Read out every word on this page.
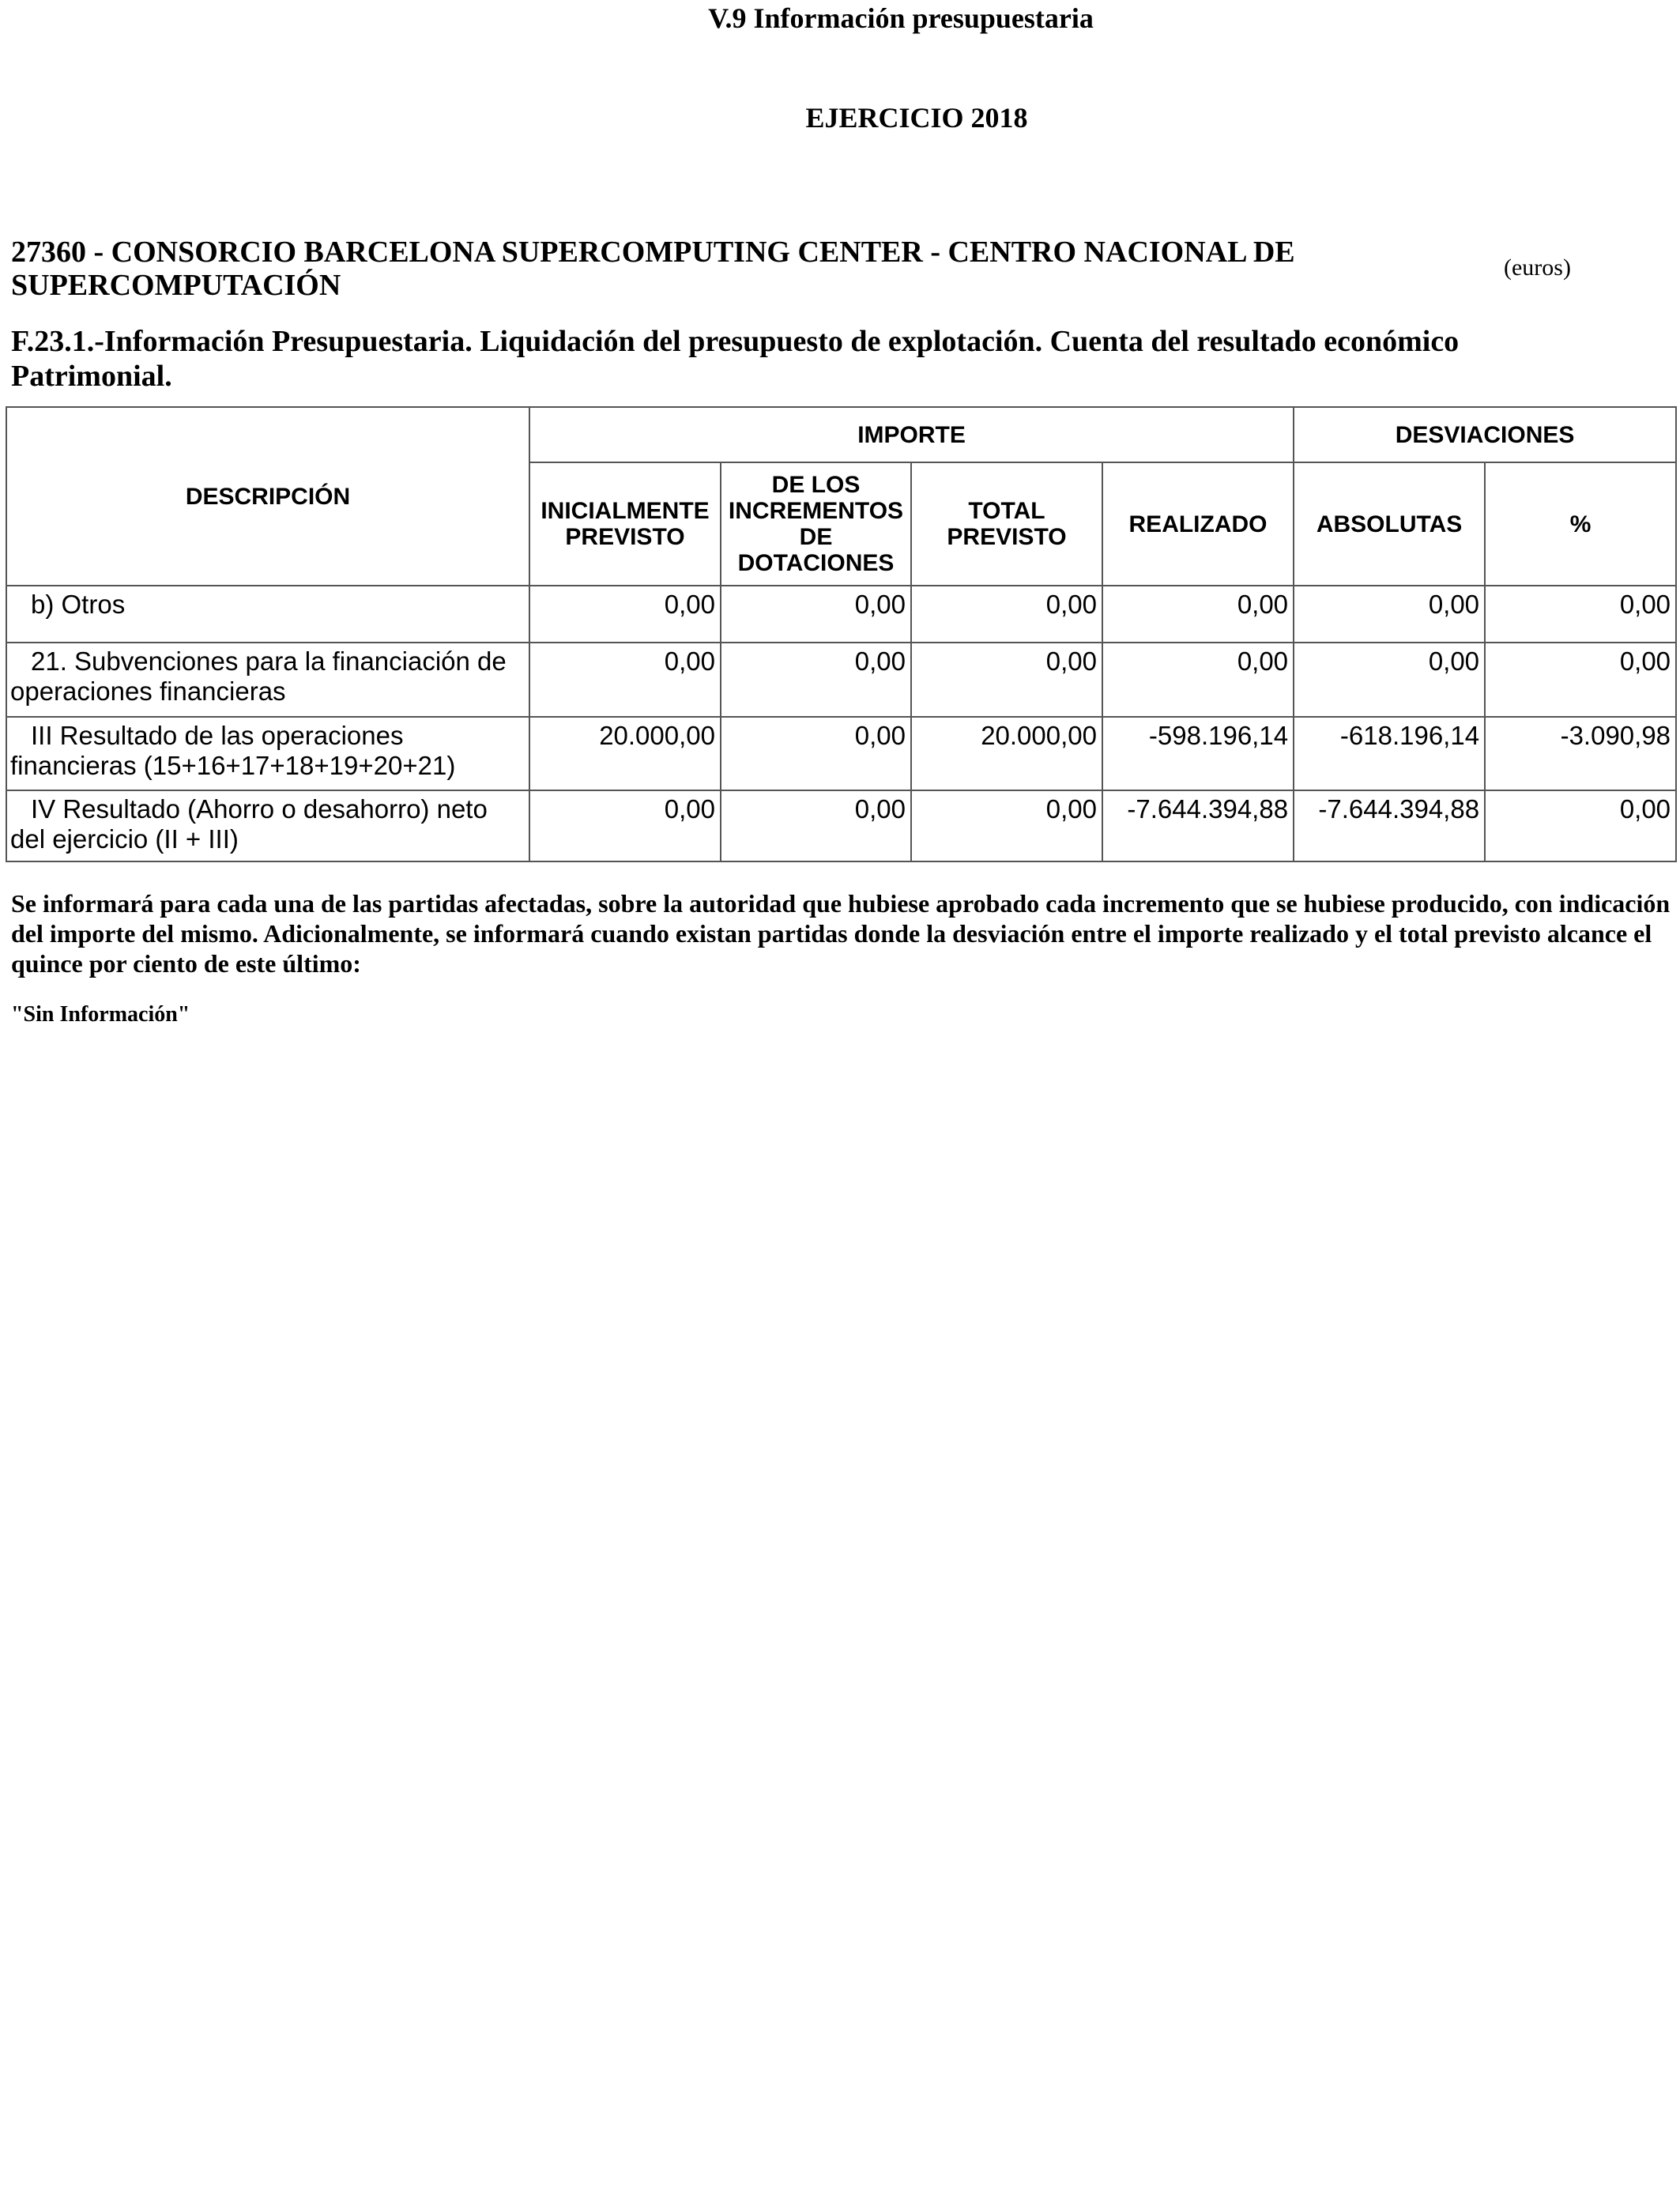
V.9 Información presupuestaria
EJERCICIO 2018
27360 - CONSORCIO BARCELONA SUPERCOMPUTING CENTER - CENTRO NACIONAL DE SUPERCOMPUTACIÓN
(euros)
F.23.1.-Información Presupuestaria. Liquidación del presupuesto de explotación. Cuenta del resultado económico Patrimonial.
DESCRIPCIÓN	IMPORTE				DESVIACIONES	
	INICIALMENTE PREVISTO	DE LOS INCREMENTOS DE DOTACIONES	TOTAL PREVISTO	REALIZADO	ABSOLUTAS	%
b) Otros	0,00	0,00	0,00	0,00	0,00	0,00
21. Subvenciones para la financiación de operaciones financieras	0,00	0,00	0,00	0,00	0,00	0,00
III Resultado de las operaciones financieras (15+16+17+18+19+20+21)	20.000,00	0,00	20.000,00	-598.196,14	-618.196,14	-3.090,98
IV Resultado (Ahorro o desahorro) neto del ejercicio (II + III)	0,00	0,00	0,00	-7.644.394,88	-7.644.394,88	0,00
Se informará para cada una de las partidas afectadas, sobre la autoridad que hubiese aprobado cada incremento que se hubiese producido, con indicación del importe del mismo. Adicionalmente, se informará cuando existan partidas donde la desviación entre el importe realizado y el total previsto alcance el quince por ciento de este último:
"Sin Información"
